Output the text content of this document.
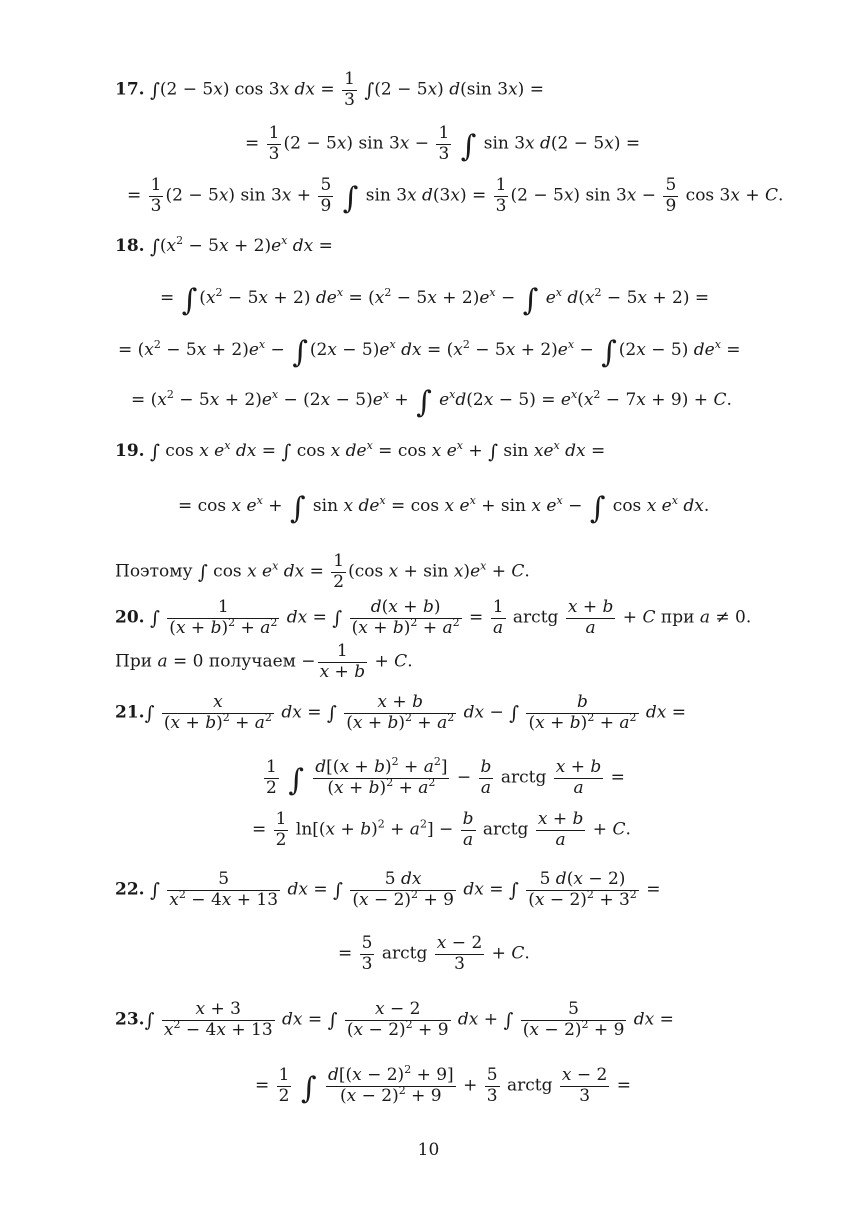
17. ∫(2 − 5x) cos 3x dx = $\frac{1}{3} \int(2 - 5x)$ d(sin 3x) =
= $\frac{1}{3} (2 - 5x)$ $\sin 3x - \frac{1}{3}$ ∫ sin 3x d(2 − 5x) =
= $\frac{1}{3} (2 - 5x)$ $\sin 3x + \frac{5}{9}$ ∫ sin 3x $d(3x) = \frac{1}{3} (2 - 5x)$ $\sin 3x - \frac{5}{9}$ cos 3x + C.
18. $\int(x^2 - 5x + 2)e^x$ dx =
= ∫ $(x^2 - 5x + 2) de^x = (x^2 - 5x + 2)e^x$ − ∫ $e^x$ $d(x^2 - 5x + 2)$ =
= $(x^2 - 5x + 2)e^x$ − ∫ $(2x - 5)e^x$ dx = $(x^2 - 5x + 2)e^x$ − ∫ (2x − 5) $de^x$ =
= $(x^2 - 5x + 2)e^x - (2x - 5)e^x$ + ∫ $e^xd(2x - 5) = e^x(x^2 - 7x + 9) + C$.
19. ∫ cos x $e^x$ dx = ∫ cos x $de^x = \cos x$ $e^x$ + ∫ $\sin xe^x$ dx =
= cos x $e^x$ + ∫ sin x $de^x = \cos x$ $e^x + \sin x$ $e^x$ − ∫ cos x $e^x$ dx.
Поэтому ∫ cos x $e^x$ dx = $\frac{1}{2} (\cos$ $x + \sin x)e^x + C$.
20. ∫ $\frac{1}{(x + b)^2 + a^2}$ dx = ∫ $\frac{d(x + b)}{(x + b)^2 + a^2} = \frac{1}{a}$ arctg $\frac{x + b}{a} + C$ при a ≠ 0.
При a = 0 получаем − $\frac{1}{x + b} + C$.
$21.\int \frac{x}{(x + b)^2 + a^2}$ dx = ∫ $\frac{x + b}{(x + b)^2 + a^2}$ dx − ∫ $\frac{b}{(x + b)^2 + a^2}$ dx =
$\frac{1}{2}$ ∫ $\frac{d[(x + b)^2 + a^2]}{(x + b)^2 + a^2} - \frac{b}{a}$ arctg $\frac{x + b}{a}$ =
= $\frac{1}{2} \ln[(x + b)^2 + a^2] - \frac{b}{a}$ arctg $\frac{x + b}{a} + C$.
22. ∫ $\frac{5}{x^2 - 4x + 13}$ dx = ∫ $\frac{5 dx}{(x - 2)^2 + 9}$ dx = ∫ $\frac{5 d(x - 2)}{(x - 2)^2 + 3^2}$ =
= $\frac{5}{3}$ arctg $\frac{x - 2}{3} + C$.
$23.\int \frac{x + 3}{x^2 - 4x + 13}$ dx = ∫ $\frac{x - 2}{(x - 2)^2 + 9}$ dx + ∫ $\frac{5}{(x - 2)^2 + 9}$ dx =
= $\frac{1}{2}$ ∫ $\frac{d[(x - 2)^2 + 9]}{(x - 2)^2 + 9} + \frac{5}{3}$ arctg $\frac{x - 2}{3}$ =
10
